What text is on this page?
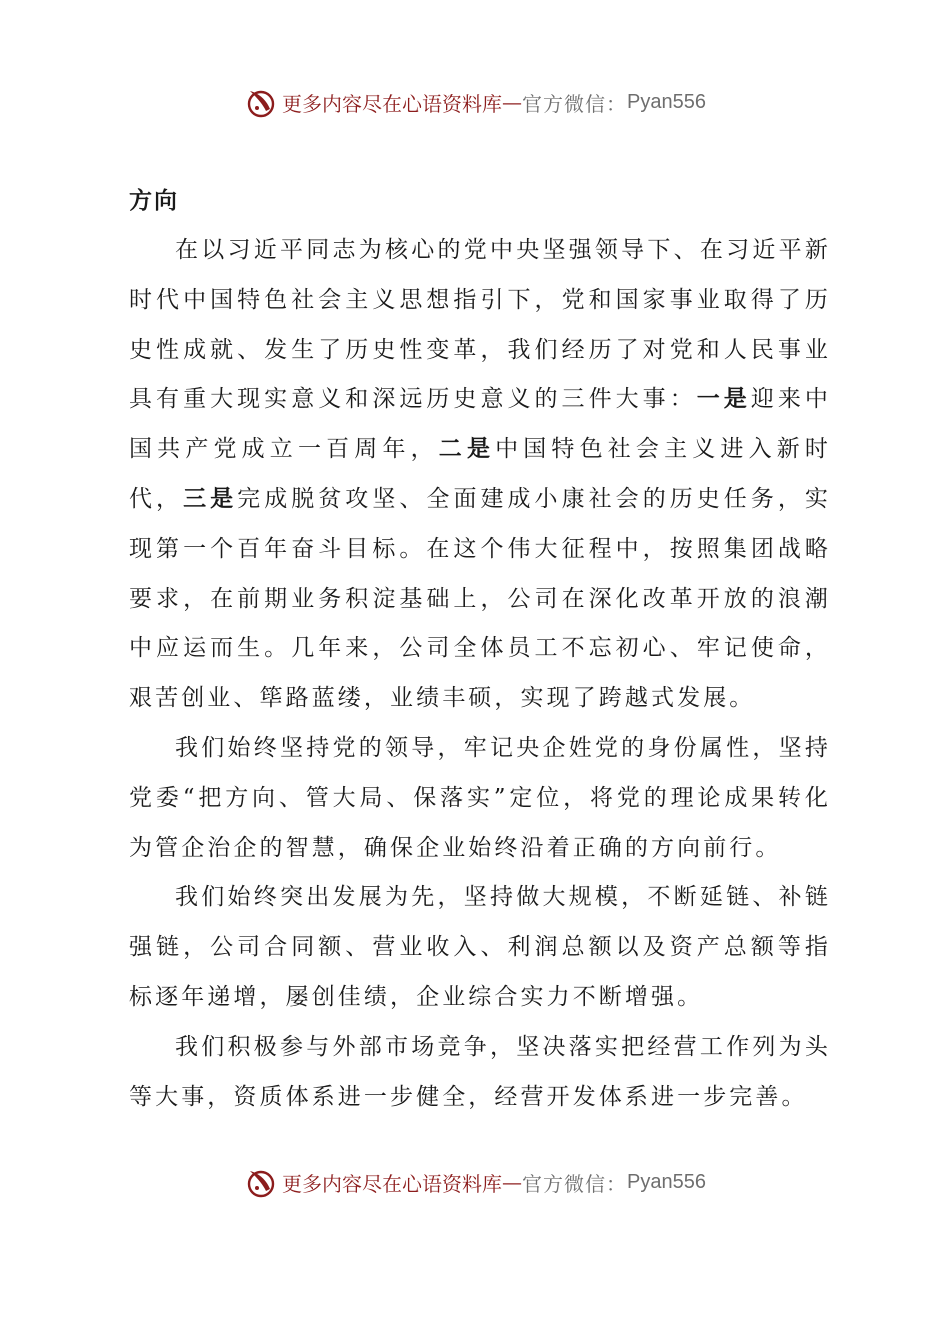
更多内容尽在心语资料库 — 官方微信： Pyan556

方向

在以习近平同志为核心的党中央坚强领导下、在习近平新时代中国特色社会主义思想指引下，党和国家事业取得了历史性成就、发生了历史性变革，我们经历了对党和人民事业具有重大现实意义和深远历史意义的三件大事：一是迎来中国共产党成立一百周年，二是中国特色社会主义进入新时代，三是完成脱贫攻坚、全面建成小康社会的历史任务，实现第一个百年奋斗目标。在这个伟大征程中，按照集团战略要求，在前期业务积淀基础上，公司在深化改革开放的浪潮中应运而生。几年来，公司全体员工不忘初心、牢记使命，艰苦创业、筚路蓝缕，业绩丰硕，实现了跨越式发展。

我们始终坚持党的领导，牢记央企姓党的身份属性，坚持党委“把方向、管大局、保落实”定位，将党的理论成果转化为管企治企的智慧，确保企业始终沿着正确的方向前行。

我们始终突出发展为先，坚持做大规模，不断延链、补链强链，公司合同额、营业收入、利润总额以及资产总额等指标逐年递增，屡创佳绩，企业综合实力不断增强。

我们积极参与外部市场竞争，坚决落实把经营工作列为头等大事，资质体系进一步健全，经营开发体系进一步完善。

更多内容尽在心语资料库 — 官方微信： Pyan556
